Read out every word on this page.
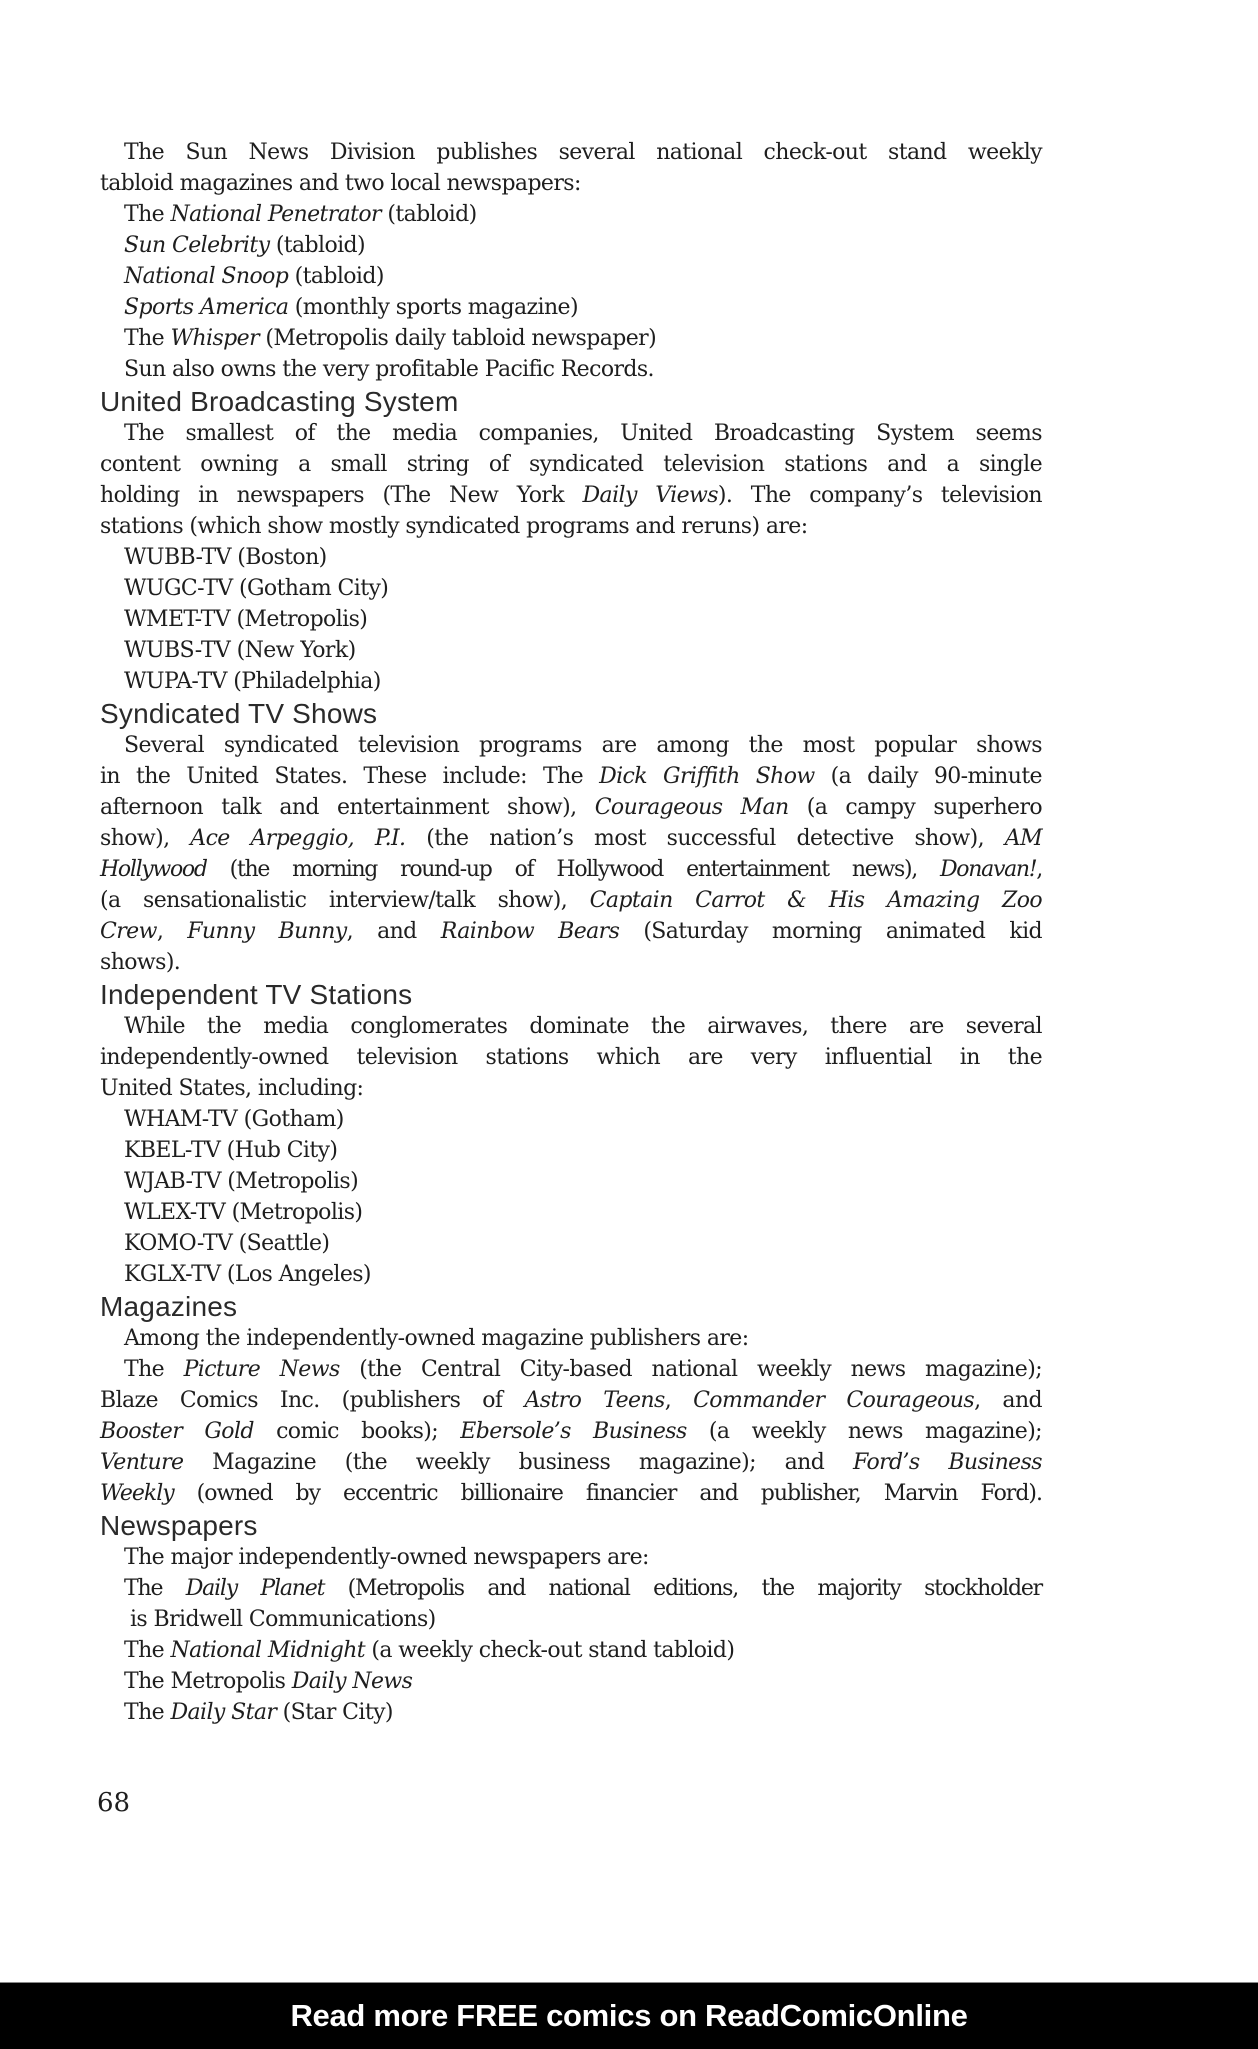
The Sun News Division publishes several national check-out stand weekly
tabloid magazines and two local newspapers:
The National Penetrator (tabloid)
Sun Celebrity (tabloid)
National Snoop (tabloid)
Sports America (monthly sports magazine)
The Whisper (Metropolis daily tabloid newspaper)
Sun also owns the very profitable Pacific Records.
United Broadcasting System
The smallest of the media companies, United Broadcasting System seems
content owning a small string of syndicated television stations and a single
holding in newspapers (The New York Daily Views). The company’s television
stations (which show mostly syndicated programs and reruns) are:
WUBB-TV (Boston)
WUGC-TV (Gotham City)
WMET-TV (Metropolis)
WUBS-TV (New York)
WUPA-TV (Philadelphia)
Syndicated TV Shows
Several syndicated television programs are among the most popular shows
in the United States. These include: The Dick Griffith Show (a daily 90-minute
afternoon talk and entertainment show), Courageous Man (a campy superhero
show), Ace Arpeggio, P.I. (the nation’s most successful detective show), AM
Hollywood (the morning round-up of Hollywood entertainment news), Donavan!,
(a sensationalistic interview/talk show), Captain Carrot & His Amazing Zoo
Crew, Funny Bunny, and Rainbow Bears (Saturday morning animated kid
shows).
Independent TV Stations
While the media conglomerates dominate the airwaves, there are several
independently-owned television stations which are very influential in the
United States, including:
WHAM-TV (Gotham)
KBEL-TV (Hub City)
WJAB-TV (Metropolis)
WLEX-TV (Metropolis)
KOMO-TV (Seattle)
KGLX-TV (Los Angeles)
Magazines
Among the independently-owned magazine publishers are:
The Picture News (the Central City-based national weekly news magazine);
Blaze Comics Inc. (publishers of Astro Teens, Commander Courageous, and
Booster Gold comic books); Ebersole’s Business (a weekly news magazine);
Venture Magazine (the weekly business magazine); and Ford’s Business
Weekly (owned by eccentric billionaire financier and publisher, Marvin Ford).
Newspapers
The major independently-owned newspapers are:
The Daily Planet (Metropolis and national editions, the majority stockholder
is Bridwell Communications)
The National Midnight (a weekly check-out stand tabloid)
The Metropolis Daily News
The Daily Star (Star City)
68
Read more FREE comics on ReadComicOnline
